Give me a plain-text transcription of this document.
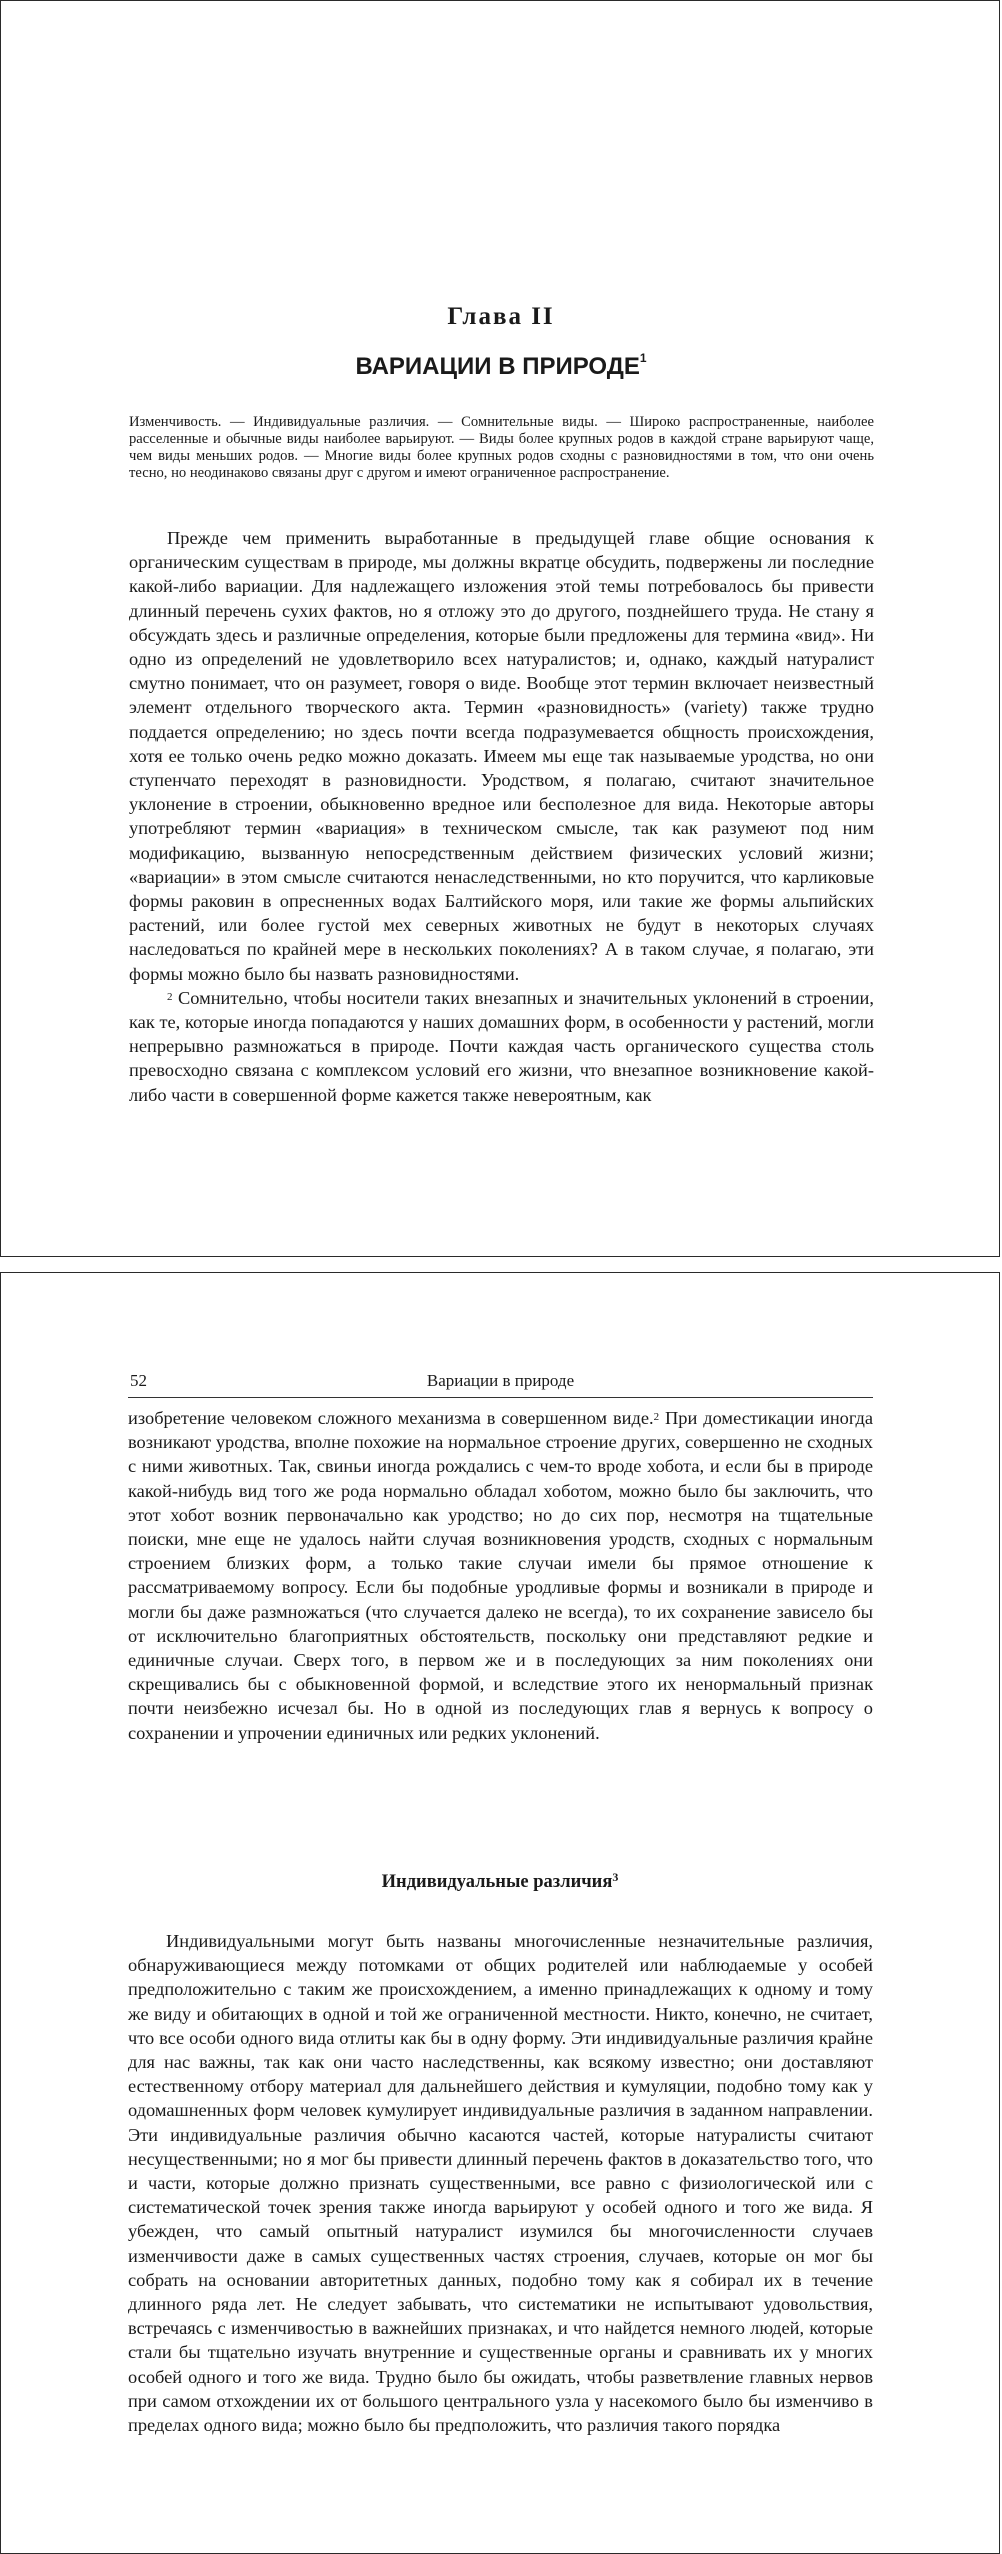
Глава II
ВАРИАЦИИ В ПРИРОДЕ$^1$
Изменчивость. — Индивидуальные различия. — Сомнительные виды. — Широко распространенные, наиболее расселенные и обычные виды наиболее варьируют. — Виды более крупных родов в каждой стране варьируют чаще, чем виды меньших родов. — Многие виды более крупных родов сходны с разновидностями в том, что они очень тесно, но неодинаково связаны друг с другом и имеют ограниченное распространение.

Прежде чем применить выработанные в предыдущей главе общие основания к органическим существам в природе, мы должны вкратце обсудить, подвержены ли последние какой-либо вариации. Для надлежащего изложения этой темы потребовалось бы привести длинный перечень сухих фактов, но я отложу это до другого, позднейшего труда. Не стану я обсуждать здесь и различные определения, которые были предложены для термина «вид». Ни одно из определений не удовлетворило всех натуралистов; и, однако, каждый натуралист смутно понимает, что он разумеет, говоря о виде. Вообще этот термин включает неизвестный элемент отдельного творческого акта. Термин «разновидность» (variety) также трудно поддается определению; но здесь почти всегда подразумевается общность происхождения, хотя ее только очень редко можно доказать. Имеем мы еще так называемые уродства, но они ступенчато переходят в разновидности. Уродством, я полагаю, считают значительное уклонение в строении, обыкновенно вредное или бесполезное для вида. Некоторые авторы употребляют термин «вариация» в техническом смысле, так как разумеют под ним модификацию, вызванную непосредственным действием физических условий жизни; «вариации» в этом смысле считаются ненаследственными, но кто поручится, что карликовые формы раковин в опресненных водах Балтийского моря, или такие же формы альпийских растений, или более густой мех северных животных не будут в некоторых случаях наследоваться по крайней мере в нескольких поколениях? А в таком случае, я полагаю, эти формы можно было бы назвать разновидностями.

$^2$ Сомнительно, чтобы носители таких внезапных и значительных уклонений в строении, как те, которые иногда попадаются у наших домашних форм, в особенности у растений, могли непрерывно размножаться в природе. Почти каждая часть органического существа столь превосходно связана с комплексом условий его жизни, что внезапное возникновение какой-либо части в совершенной форме кажется также невероятным, как

52	Вариации в природе

изобретение человеком сложного механизма в совершенном виде.$^2$ При доместикации иногда возникают уродства, вполне похожие на нормальное строение других, совершенно не сходных с ними животных. Так, свиньи иногда рождались с чем-то вроде хобота, и если бы в природе какой-нибудь вид того же рода нормально обладал хоботом, можно было бы заключить, что этот хобот возник первоначально как уродство; но до сих пор, несмотря на тщательные поиски, мне еще не удалось найти случая возникновения уродств, сходных с нормальным строением близких форм, а только такие случаи имели бы прямое отношение к рассматриваемому вопросу. Если бы подобные уродливые формы и возникали в природе и могли бы даже размножаться (что случается далеко не всегда), то их сохранение зависело бы от исключительно благоприятных обстоятельств, поскольку они представляют редкие и единичные случаи. Сверх того, в первом же и в последующих за ним поколениях они скрещивались бы с обыкновенной формой, и вследствие этого их ненормальный признак почти неизбежно исчезал бы. Но в одной из последующих глав я вернусь к вопросу о сохранении и упрочении единичных или редких уклонений.

Индивидуальные различия$^3$

Индивидуальными могут быть названы многочисленные незначительные различия, обнаруживающиеся между потомками от общих родителей или наблюдаемые у особей предположительно с таким же происхождением, а именно принадлежащих к одному и тому же виду и обитающих в одной и той же ограниченной местности. Никто, конечно, не считает, что все особи одного вида отлиты как бы в одну форму. Эти индивидуальные различия крайне для нас важны, так как они часто наследственны, как всякому известно; они доставляют естественному отбору материал для дальнейшего действия и кумуляции, подобно тому как у одомашненных форм человек кумулирует индивидуальные различия в заданном направлении. Эти индивидуальные различия обычно касаются частей, которые натуралисты считают несущественными; но я мог бы привести длинный перечень фактов в доказательство того, что и части, которые должно признать существенными, все равно с физиологической или с систематической точек зрения также иногда варьируют у особей одного и того же вида. Я убежден, что самый опытный натуралист изумился бы многочисленности случаев изменчивости даже в самых существенных частях строения, случаев, которые он мог бы собрать на основании авторитетных данных, подобно тому как я собирал их в течение длинного ряда лет. Не следует забывать, что систематики не испытывают удовольствия, встречаясь с изменчивостью в важнейших признаках, и что найдется немного людей, которые стали бы тщательно изучать внутренние и существенные органы и сравнивать их у многих особей одного и того же вида. Трудно было бы ожидать, чтобы разветвление главных нервов при самом отхождении их от большого центрального узла у насекомого было бы изменчиво в пределах одного вида; можно было бы предположить, что различия такого порядка
